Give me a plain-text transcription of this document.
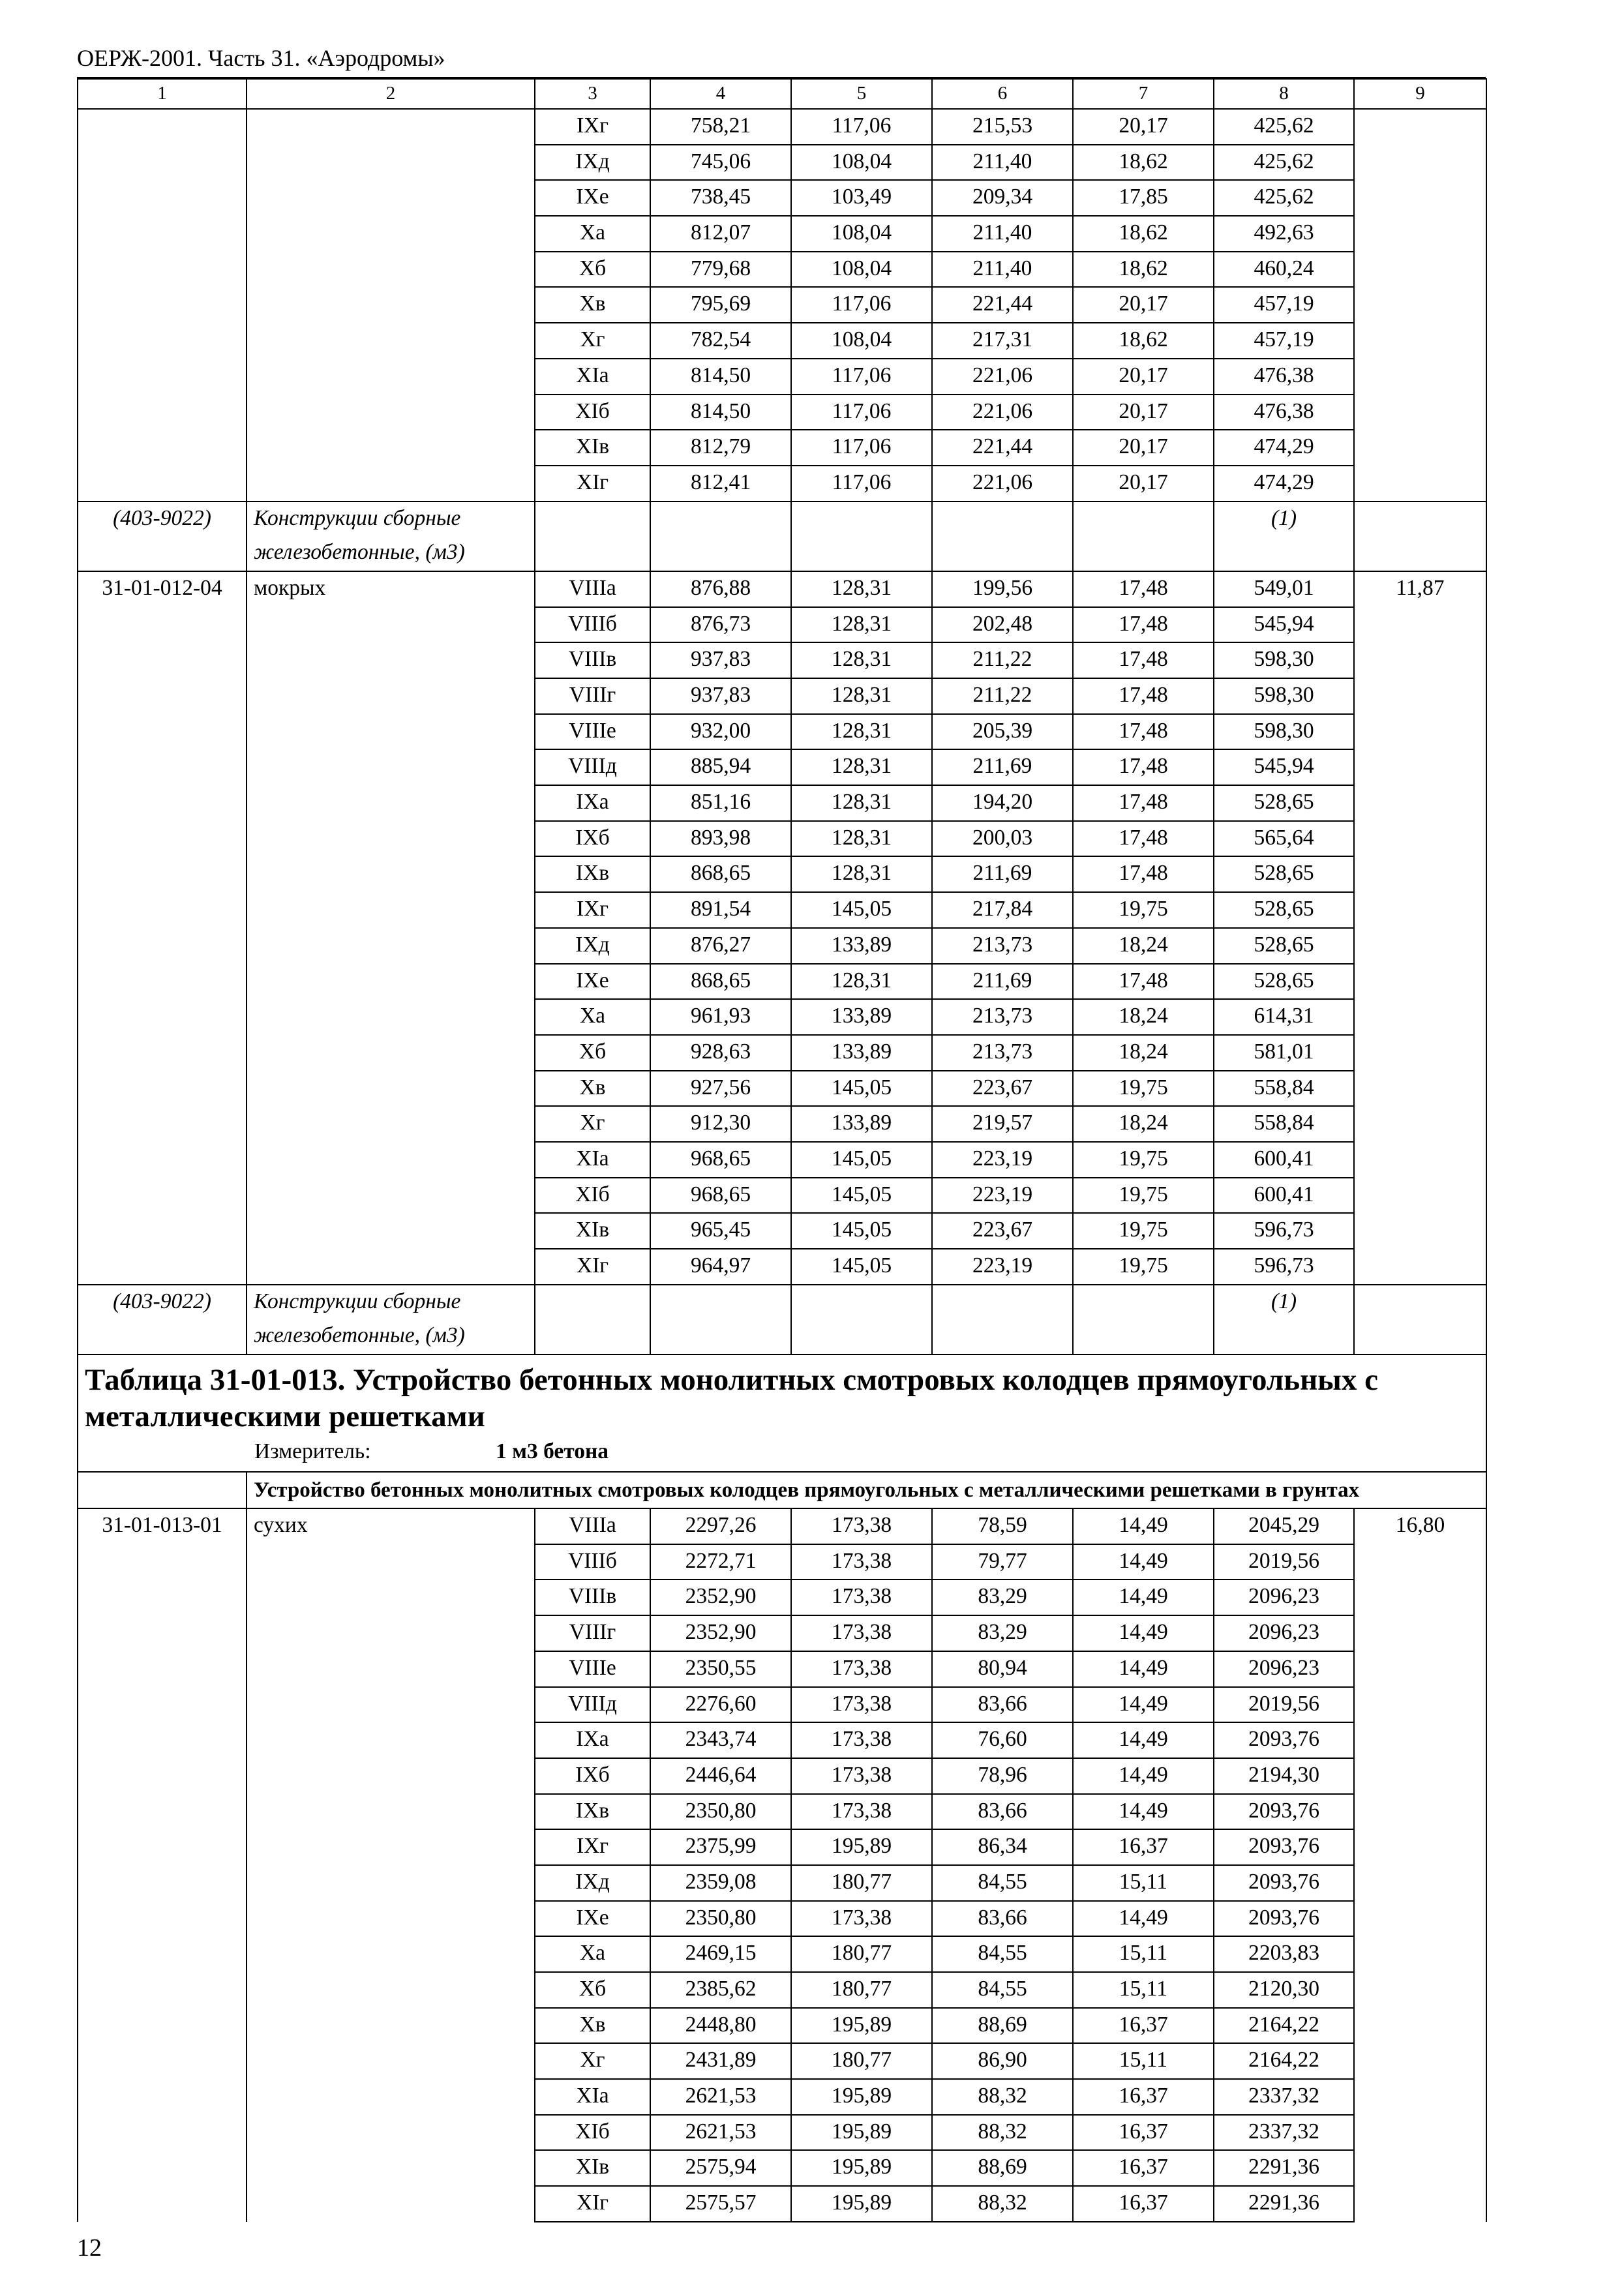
ОЕРЖ-2001. Часть 31. «Аэродромы»
1	2	3	4	5	6	7	8	9
		IXг	758,21	117,06	215,53	20,17	425,62	
		IXд	745,06	108,04	211,40	18,62	425,62	
		IXе	738,45	103,49	209,34	17,85	425,62	
		Xа	812,07	108,04	211,40	18,62	492,63	
		Xб	779,68	108,04	211,40	18,62	460,24	
		Xв	795,69	117,06	221,44	20,17	457,19	
		Xг	782,54	108,04	217,31	18,62	457,19	
		XIа	814,50	117,06	221,06	20,17	476,38	
		XIб	814,50	117,06	221,06	20,17	476,38	
		XIв	812,79	117,06	221,44	20,17	474,29	
		XIг	812,41	117,06	221,06	20,17	474,29	
(403-9022)	Конструкции сборные						(1)	
	железобетонные, (м3)							
31-01-012-04	мокрых	VIIIа	876,88	128,31	199,56	17,48	549,01	11,87
		VIIIб	876,73	128,31	202,48	17,48	545,94	
		VIIIв	937,83	128,31	211,22	17,48	598,30	
		VIIIг	937,83	128,31	211,22	17,48	598,30	
		VIIIе	932,00	128,31	205,39	17,48	598,30	
		VIIIд	885,94	128,31	211,69	17,48	545,94	
		IXа	851,16	128,31	194,20	17,48	528,65	
		IXб	893,98	128,31	200,03	17,48	565,64	
		IXв	868,65	128,31	211,69	17,48	528,65	
		IXг	891,54	145,05	217,84	19,75	528,65	
		IXд	876,27	133,89	213,73	18,24	528,65	
		IXе	868,65	128,31	211,69	17,48	528,65	
		Xа	961,93	133,89	213,73	18,24	614,31	
		Xб	928,63	133,89	213,73	18,24	581,01	
		Xв	927,56	145,05	223,67	19,75	558,84	
		Xг	912,30	133,89	219,57	18,24	558,84	
		XIа	968,65	145,05	223,19	19,75	600,41	
		XIб	968,65	145,05	223,19	19,75	600,41	
		XIв	965,45	145,05	223,67	19,75	596,73	
		XIг	964,97	145,05	223,19	19,75	596,73	
(403-9022)	Конструкции сборные						(1)	
	железобетонные, (м3)							
Таблица 31-01-013. Устройство бетонных монолитных смотровых колодцев прямоугольных с металлическими решетками								
Измеритель: 1 м3 бетона								
	Устройство бетонных монолитных смотровых колодцев прямоугольных с металлическими решетками в грунтах							
31-01-013-01	сухих	VIIIа	2297,26	173,38	78,59	14,49	2045,29	16,80
		VIIIб	2272,71	173,38	79,77	14,49	2019,56	
		VIIIв	2352,90	173,38	83,29	14,49	2096,23	
		VIIIг	2352,90	173,38	83,29	14,49	2096,23	
		VIIIе	2350,55	173,38	80,94	14,49	2096,23	
		VIIIд	2276,60	173,38	83,66	14,49	2019,56	
		IXа	2343,74	173,38	76,60	14,49	2093,76	
		IXб	2446,64	173,38	78,96	14,49	2194,30	
		IXв	2350,80	173,38	83,66	14,49	2093,76	
		IXг	2375,99	195,89	86,34	16,37	2093,76	
		IXд	2359,08	180,77	84,55	15,11	2093,76	
		IXе	2350,80	173,38	83,66	14,49	2093,76	
		Xа	2469,15	180,77	84,55	15,11	2203,83	
		Xб	2385,62	180,77	84,55	15,11	2120,30	
		Xв	2448,80	195,89	88,69	16,37	2164,22	
		Xг	2431,89	180,77	86,90	15,11	2164,22	
		XIа	2621,53	195,89	88,32	16,37	2337,32	
		XIб	2621,53	195,89	88,32	16,37	2337,32	
		XIв	2575,94	195,89	88,69	16,37	2291,36	
		XIг	2575,57	195,89	88,32	16,37	2291,36	
12
